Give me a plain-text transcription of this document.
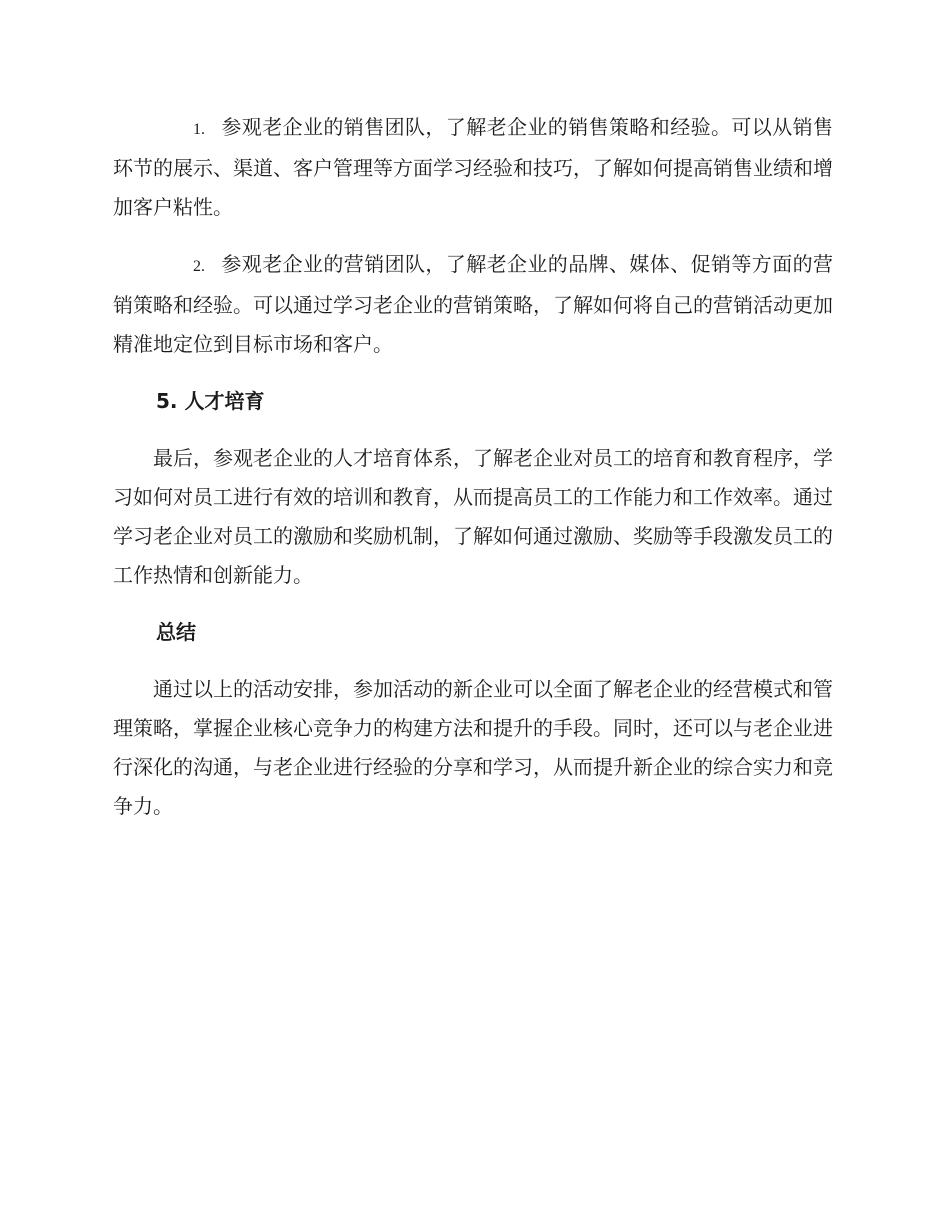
1. 参观老企业的销售团队，了解老企业的销售策略和经验。可以从销售环节的展示、渠道、客户管理等方面学习经验和技巧，了解如何提高销售业绩和增加客户粘性。

2. 参观老企业的营销团队，了解老企业的品牌、媒体、促销等方面的营销策略和经验。可以通过学习老企业的营销策略，了解如何将自己的营销活动更加精准地定位到目标市场和客户。

5. 人才培育

最后，参观老企业的人才培育体系，了解老企业对员工的培育和教育程序，学习如何对员工进行有效的培训和教育，从而提高员工的工作能力和工作效率。通过学习老企业对员工的激励和奖励机制，了解如何通过激励、奖励等手段激发员工的工作热情和创新能力。

总结

通过以上的活动安排，参加活动的新企业可以全面了解老企业的经营模式和管理策略，掌握企业核心竞争力的构建方法和提升的手段。同时，还可以与老企业进行深化的沟通，与老企业进行经验的分享和学习，从而提升新企业的综合实力和竞争力。
